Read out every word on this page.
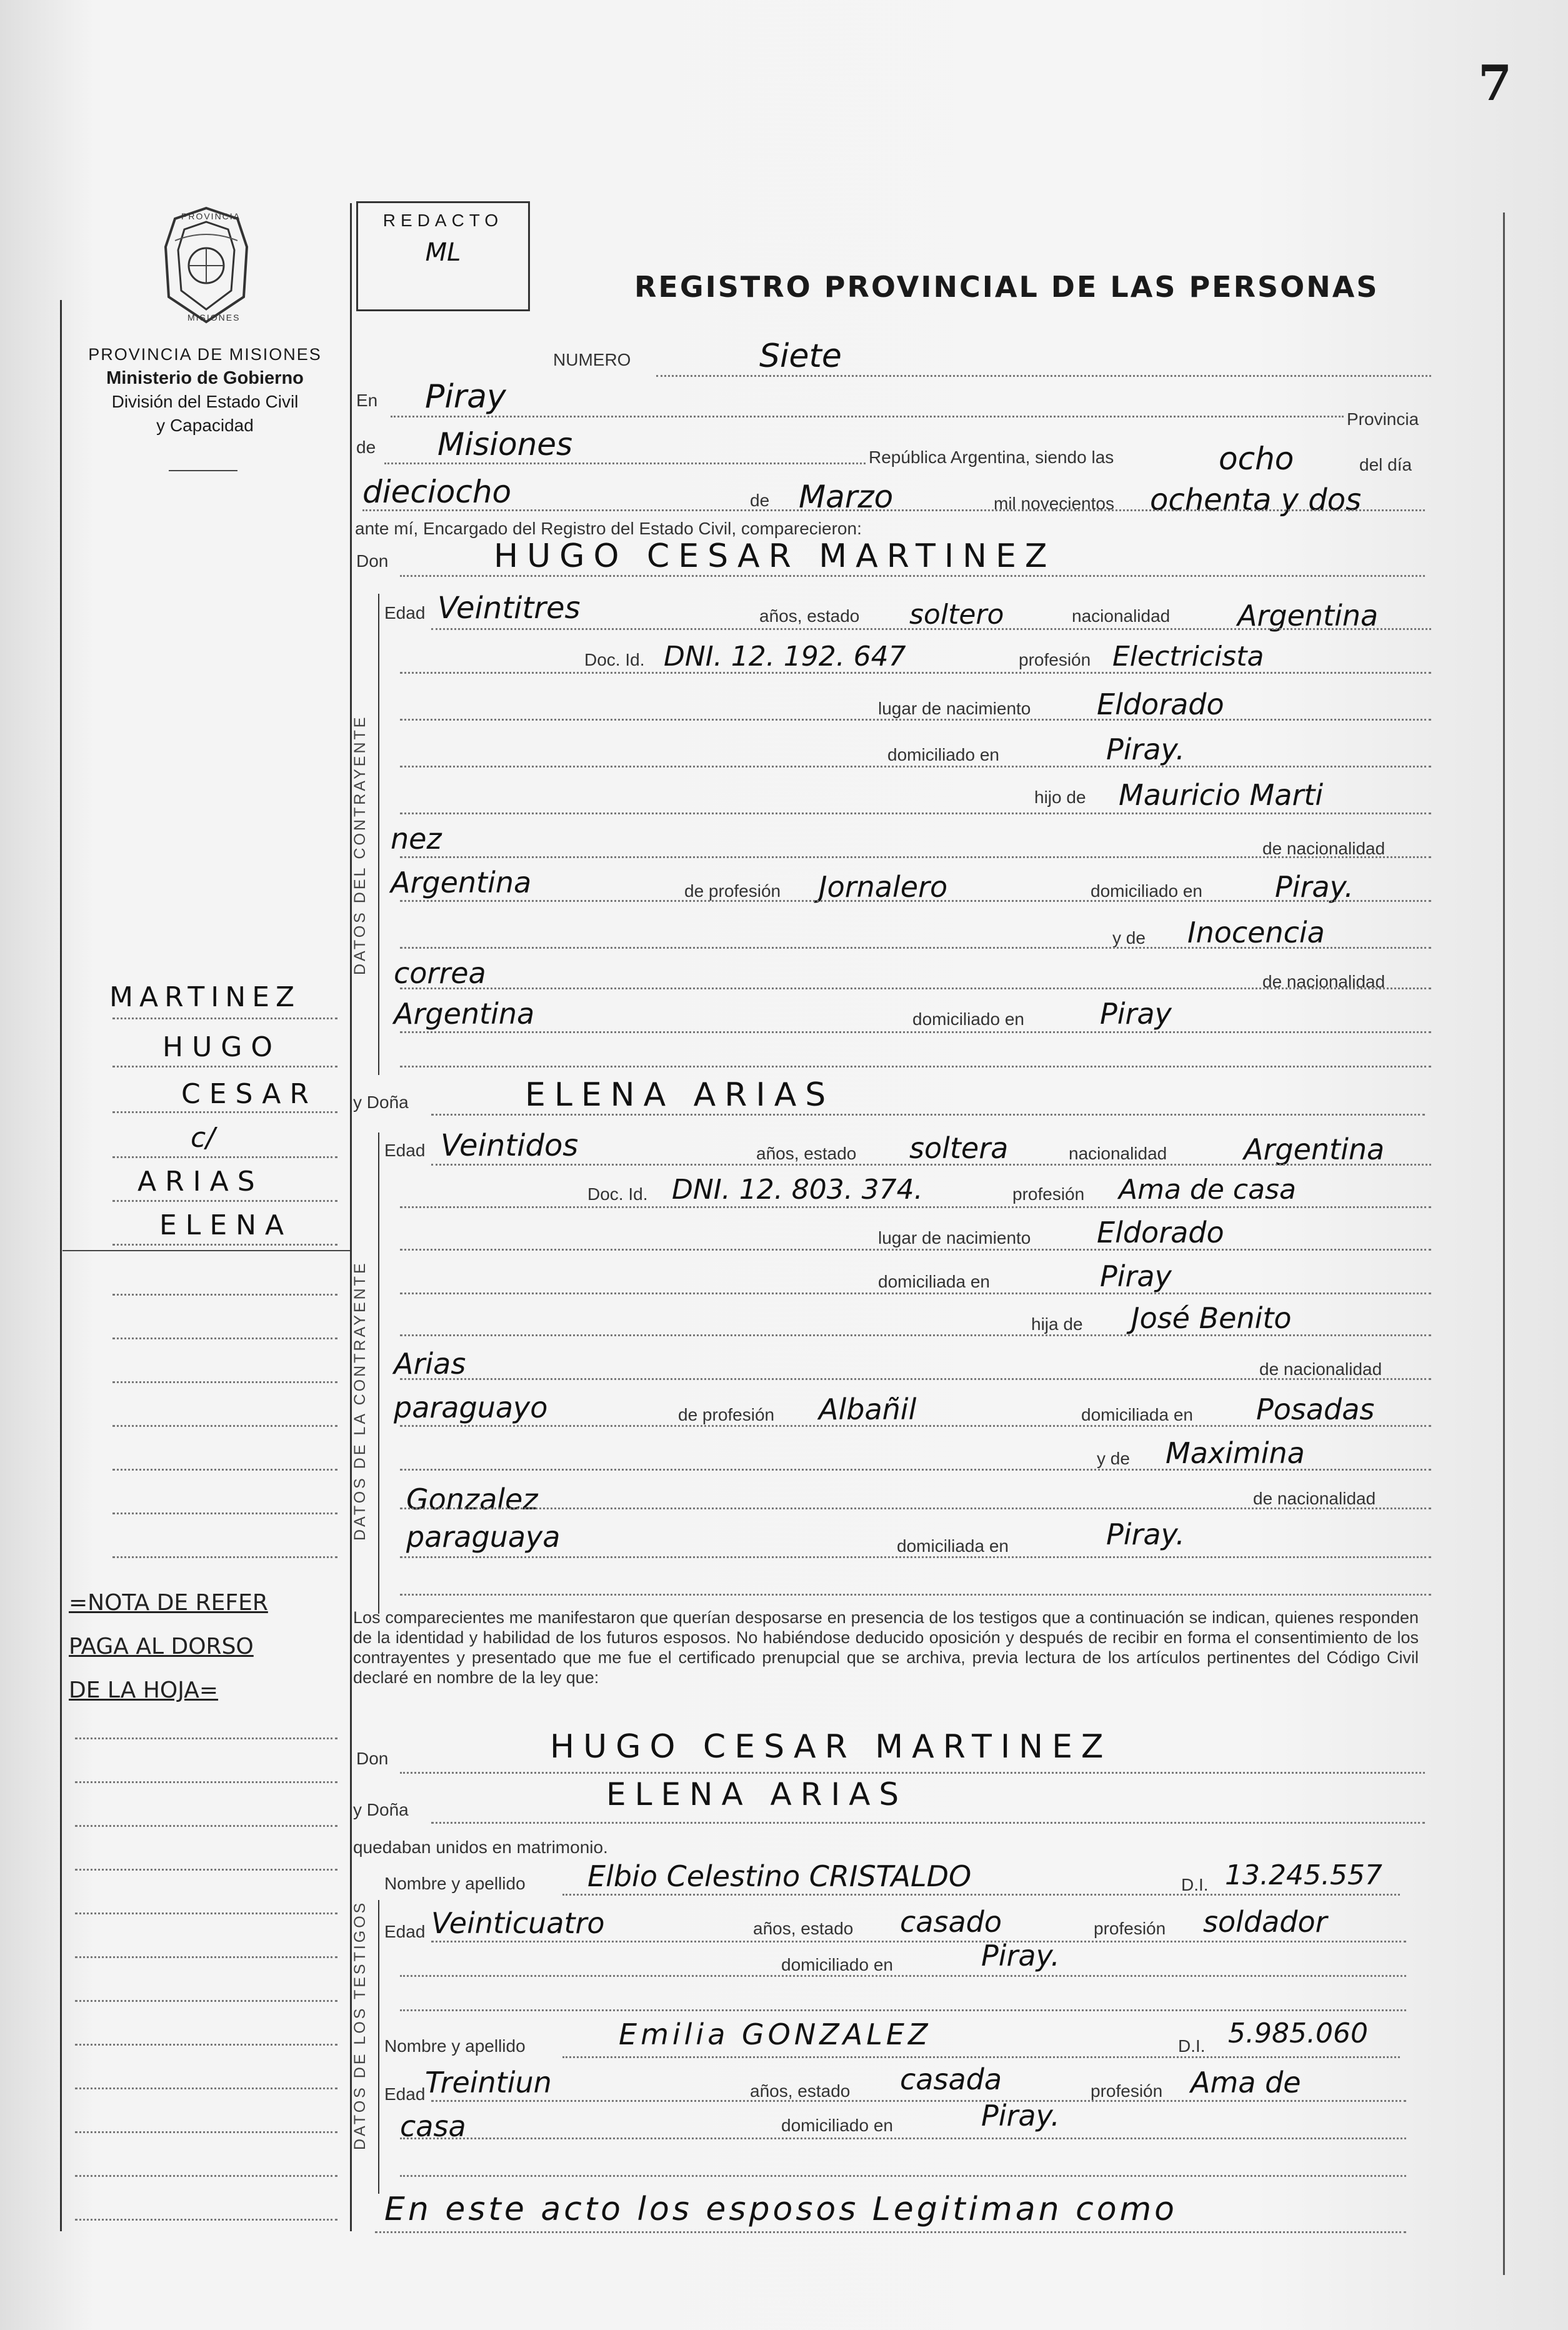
7
PROVINCIA
MISIONES
PROVINCIA DE MISIONES
Ministerio de Gobierno
División del Estado Civil
y Capacidad
REDACTO
ML
REGISTRO PROVINCIAL DE LAS PERSONAS
NUMERO	Siete
En Piray
Provincia
de Misiones	República Argentina, siendo las	ocho	del día
dieciocho	de Marzo	mil novecientos ochenta y dos
ante mí, Encargado del Registro del Estado Civil, comparecieron:
Don	HUGO CESAR MARTINEZ
DATOS DEL CONTRAYENTE
Edad Veintitres	años, estado soltero	nacionalidad Argentina
Doc. Id. DNI. 12. 192. 647	profesión Electricista
lugar de nacimiento Eldorado
domiciliado en	Piray.
hijo de Mauricio Marti
nez	de nacionalidad
Argentina	de profesión Jornalero	domiciliado en	Piray.
y de Inocencia
correa	de nacionalidad
Argentina	domiciliado en	Piray
y Doña	ELENA ARIAS
DATOS DE LA CONTRAYENTE
Edad Veintidos	años, estado soltera	nacionalidad	Argentina
Doc. Id. DNI. 12. 803. 374.	profesión Ama de casa
lugar de nacimiento Eldorado
domiciliada en	Piray
hija de José Benito
Arias	de nacionalidad
paraguayo	de profesión Albañil	domiciliada en Posadas
y de Maximina
Gonzalez	de nacionalidad
paraguaya	domiciliada en	Piray.
Los comparecientes me manifestaron que querían desposarse en presencia de los testigos que a continuación se indican, quienes responden de la identidad y habilidad de los futuros esposos. No habiéndose deducido oposición y después de recibir en forma el consentimiento de los contrayentes y presentado que me fue el certificado prenupcial que se archiva, previa lectura de los artículos pertinentes del Código Civil declaré en nombre de la ley que:
Don	HUGO CESAR MARTINEZ
y Doña	ELENA ARIAS
quedaban unidos en matrimonio.
DATOS DE LOS TESTIGOS
Nombre y apellido Elbio Celestino CRISTALDO	D.I. 13.245.557
Edad Veinticuatro	años, estado casado	profesión soldador
domiciliado en	Piray.
Nombre y apellido	Emilia GONZALEZ	D.I. 5.985.060
Edad Treintiun	años, estado casada	profesión Ama de
casa	domiciliado en	Piray.
En este acto los esposos Legitiman como
MARTINEZ
HUGO
CESAR
c/
ARIAS
ELENA
=NOTA DE REFER
PAGA AL DORSO
DE LA HOJA=
